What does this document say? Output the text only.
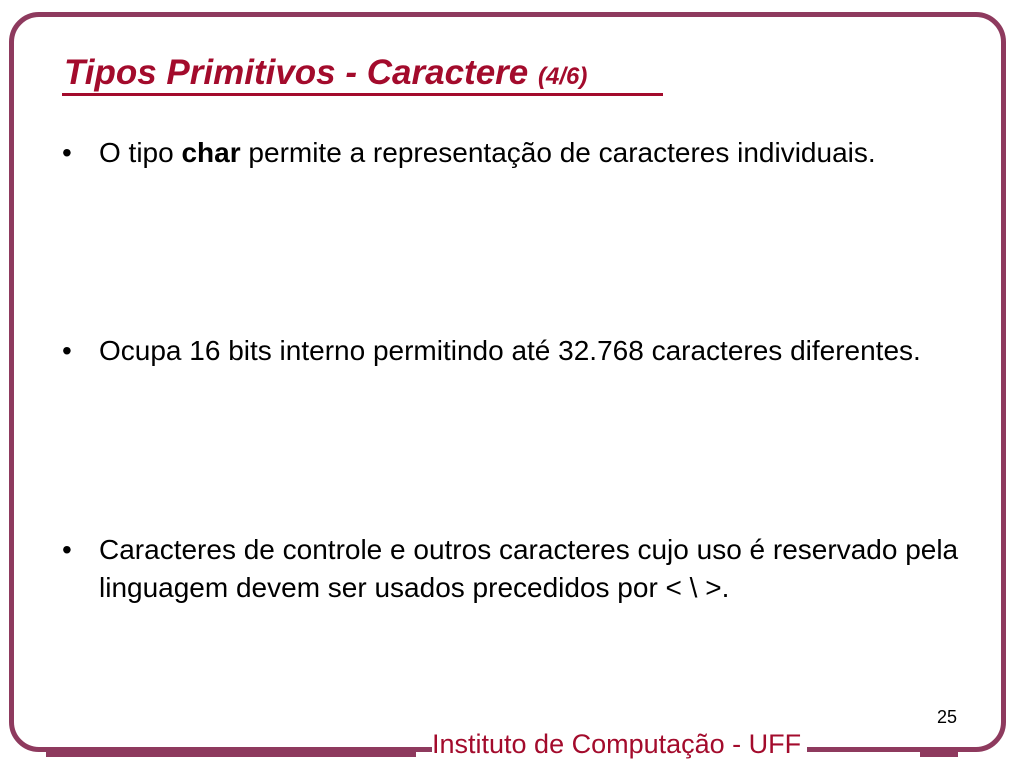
Tipos Primitivos - Caractere (4/6)
• O tipo char permite a representação de caracteres individuais.
• Ocupa 16 bits interno permitindo até 32.768 caracteres diferentes.
• Caracteres de controle e outros caracteres cujo uso é reservado pela linguagem devem ser usados precedidos por < \ >.
25
Instituto de Computação - UFF
